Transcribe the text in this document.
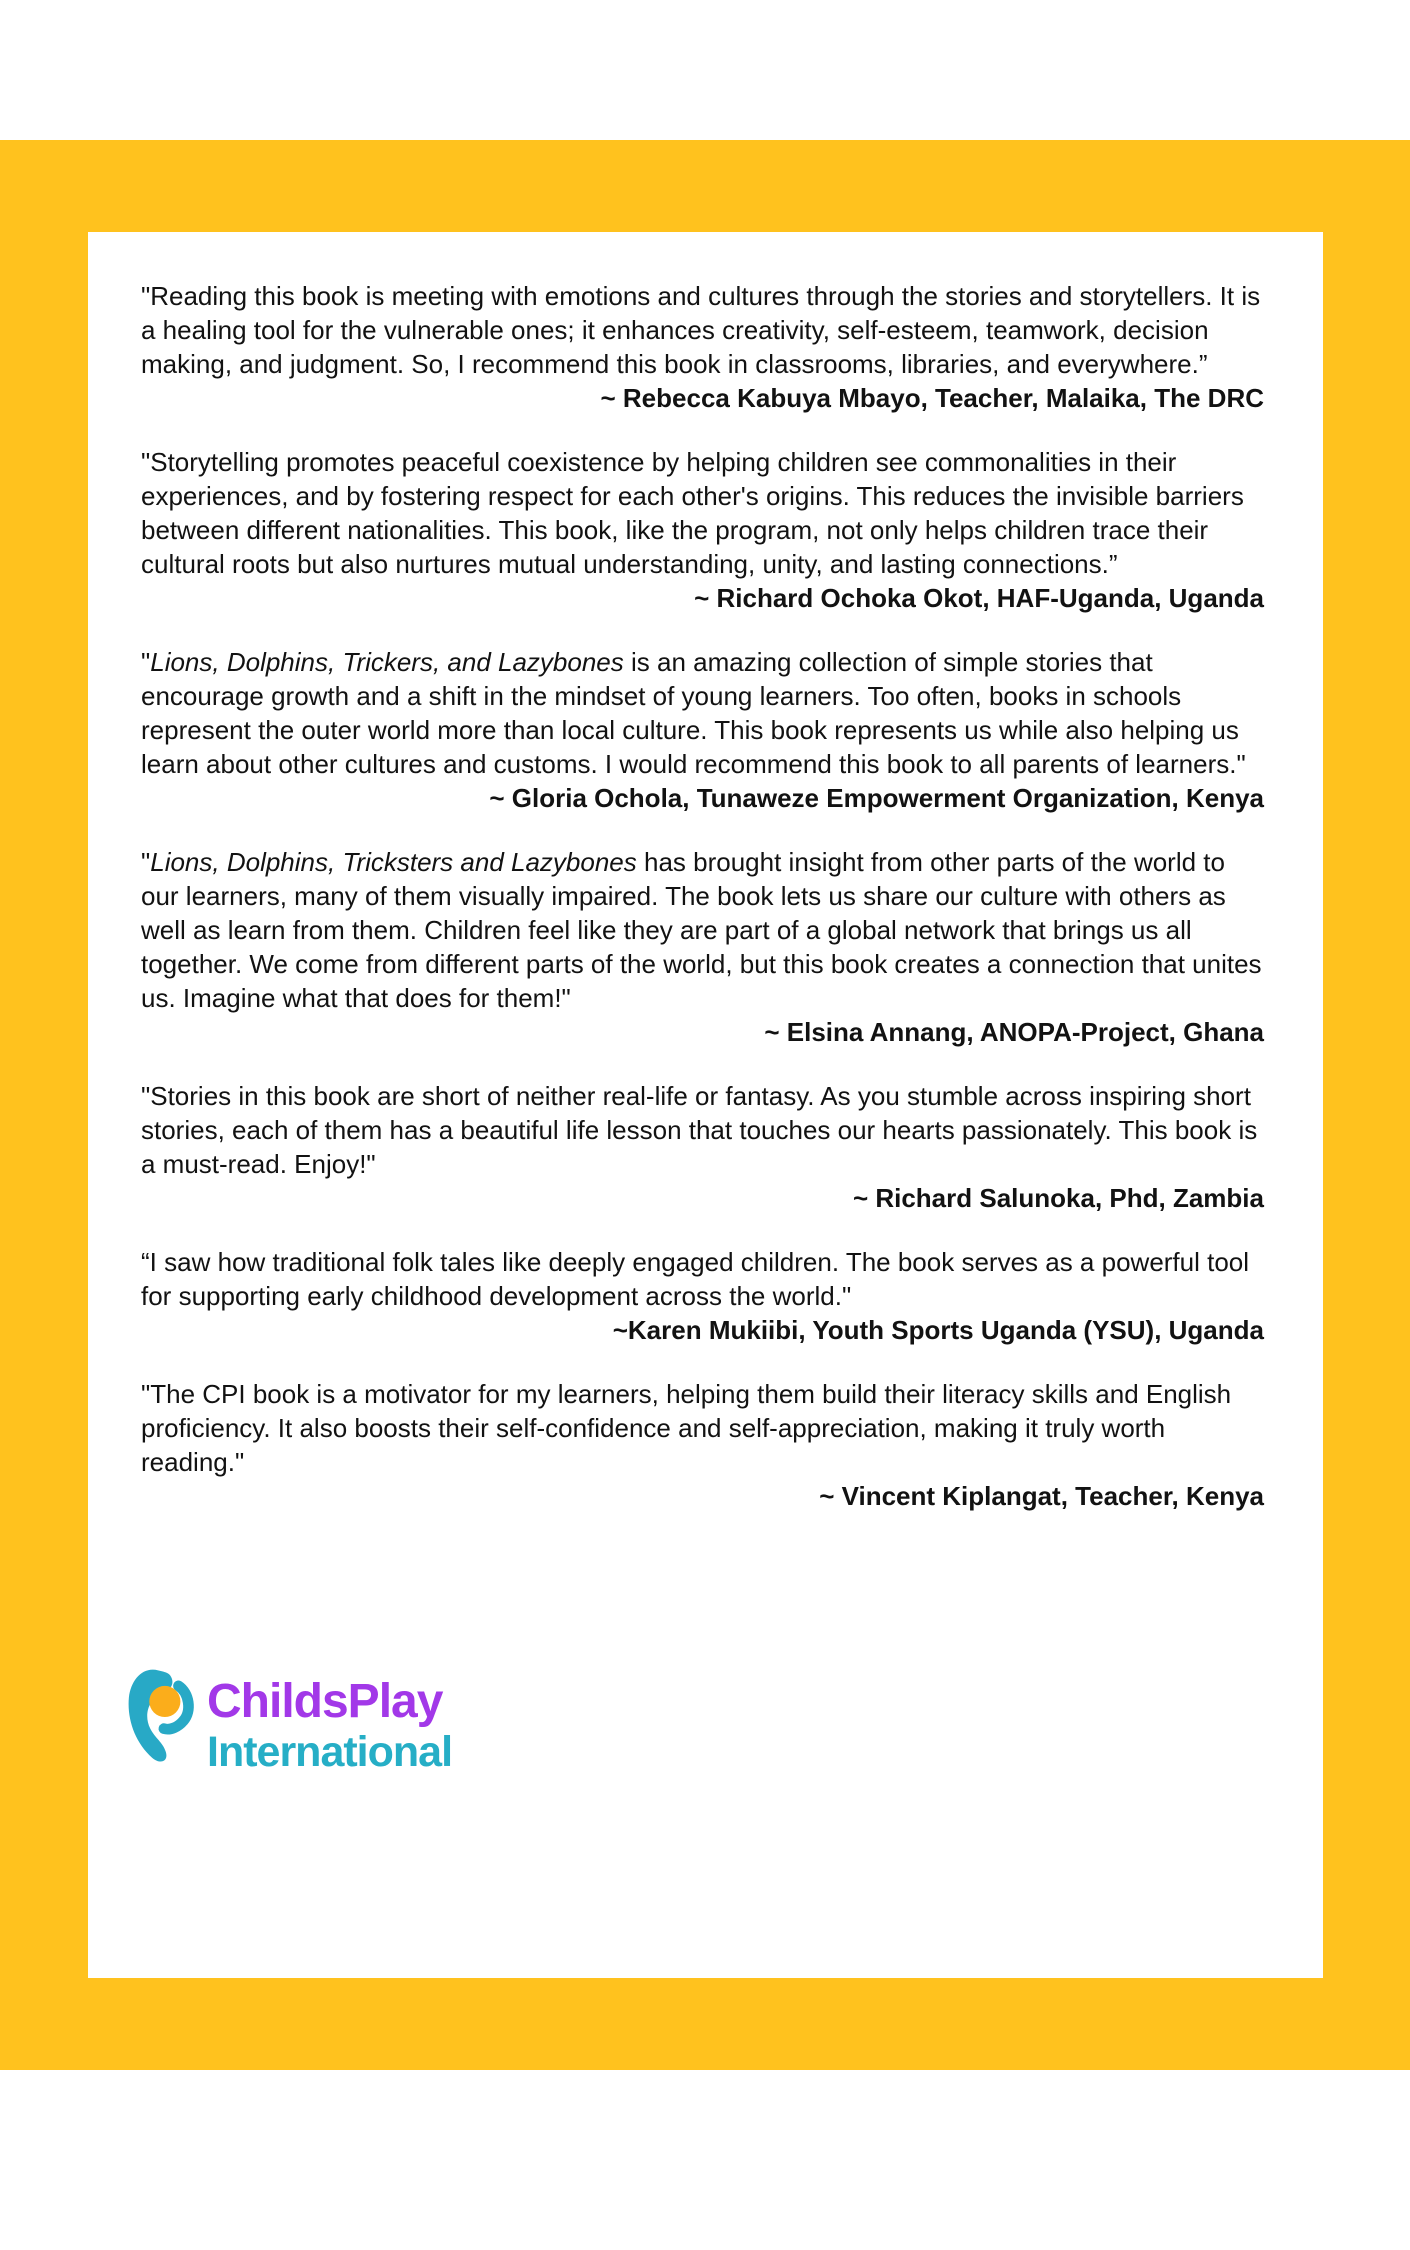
"Reading this book is meeting with emotions and cultures through the stories and storytellers. It is a healing tool for the vulnerable ones; it enhances creativity, self-esteem, teamwork, decision making, and judgment. So, I recommend this book in classrooms, libraries, and everywhere.”

~ Rebecca Kabuya Mbayo, Teacher, Malaika, The DRC

"Storytelling promotes peaceful coexistence by helping children see commonalities in their experiences, and by fostering respect for each other's origins. This reduces the invisible barriers between different nationalities. This book, like the program, not only helps children trace their cultural roots but also nurtures mutual understanding, unity, and lasting connections.”

~ Richard Ochoka Okot, HAF-Uganda, Uganda

"Lions, Dolphins, Trickers, and Lazybones is an amazing collection of simple stories that encourage growth and a shift in the mindset of young learners. Too often, books in schools represent the outer world more than local culture. This book represents us while also helping us learn about other cultures and customs. I would recommend this book to all parents of learners."

~ Gloria Ochola, Tunaweze Empowerment Organization, Kenya

"Lions, Dolphins, Tricksters and Lazybones has brought insight from other parts of the world to our learners, many of them visually impaired. The book lets us share our culture with others as well as learn from them. Children feel like they are part of a global network that brings us all together. We come from different parts of the world, but this book creates a connection that unites us. Imagine what that does for them!"

~ Elsina Annang, ANOPA-Project, Ghana

"Stories in this book are short of neither real-life or fantasy. As you stumble across inspiring short stories, each of them has a beautiful life lesson that touches our hearts passionately. This book is a must-read. Enjoy!"

~ Richard Salunoka, Phd, Zambia

“I saw how traditional folk tales like deeply engaged children. The book serves as a powerful tool for supporting early childhood development across the world."

~Karen Mukiibi, Youth Sports Uganda (YSU), Uganda

"The CPI book is a motivator for my learners, helping them build their literacy skills and English proficiency. It also boosts their self-confidence and self-appreciation, making it truly worth reading."

~ Vincent Kiplangat, Teacher, Kenya

ChildsPlay
International
